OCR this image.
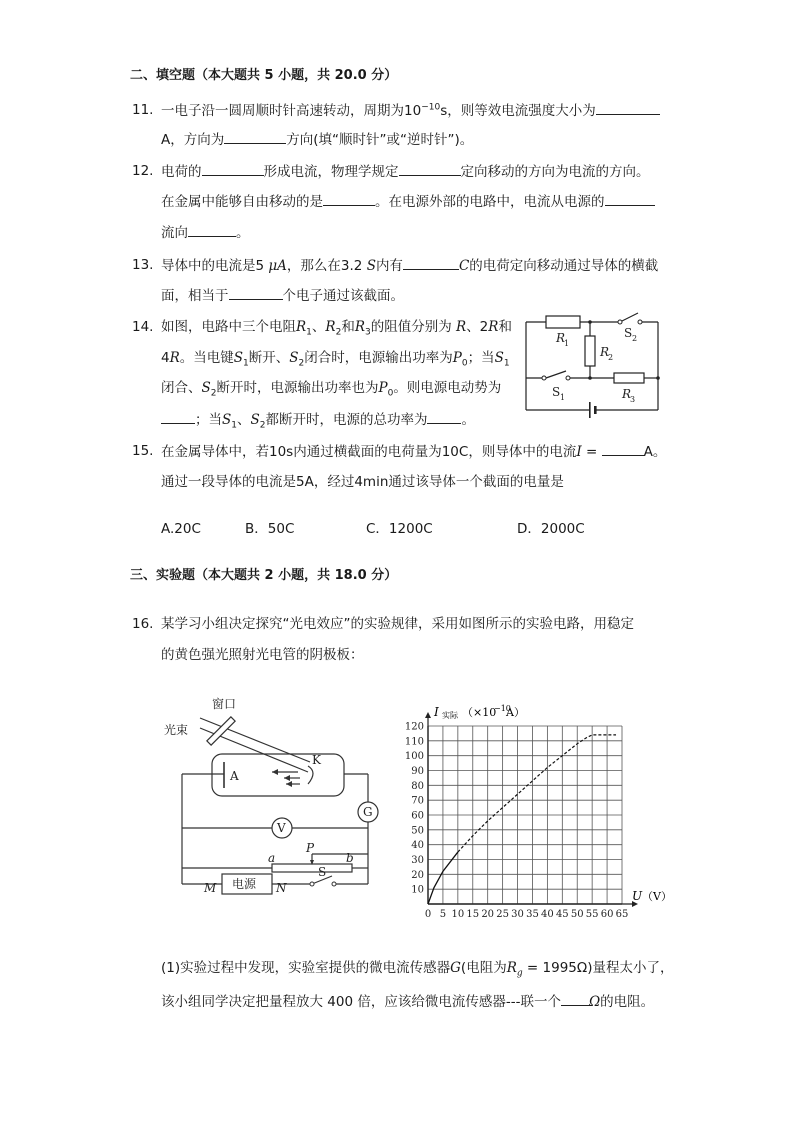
二、填空题（本大题共 5 小题，共 20.0 分）
11. 一电子沿一圆周顺时针高速转动，周期为$10^{-10}s$，则等效电流强度大小为
A，方向为	方向(填“顺时针”或“逆时针”)。
12. 电荷的	形成电流，物理学规定	定向移动的方向为电流的方向。
在金属中能够自由移动的是	。在电源外部的电路中，电流从电源的
流向	。
13. 导体中的电流是5 μA，那么在3.2 S内有	C的电荷定向移动通过导体的横截
面，相当于	个电子通过该截面。
14. 如图，电路中三个电阻$R_1$、$R_2$和$R_3$的阻值分别为 R、2R和
4R。当电键$S_1$断开、$S_2$闭合时，电源输出功率为$P_0$；当$S_1$
闭合、$S_2$断开时，电源输出功率也为$P_0$。则电源电动势为
；当$S_1$、$S_2$都断开时，电源的总功率为	。
R
1
R
2
R
3
S 1
S 2
15. 在金属导体中，若10s内通过横截面的电荷量为10C，则导体中的电流I =	A。
通过一段导体的电流是5A，经过4min通过该导体一个截面的电量是
A.20C	B．50C	C．1200C	D．2000C
三、实验题（本大题共 2 小题，共 18.0 分）
16. 某学习小组决定探究“光电效应”的实验规律，采用如图所示的实验电路，用稳定
的黄色强光照射光电管的阴极板：
窗口
光束
A
K
G
V
a	b
P
S
M	N
电源
0 5 10 15 20 25 30 35 40 45 50 55 60 65
10
20
30
40
50
60
70
80
90
100
110
120
I 实际 （×10
−10
A）
U （V）
(1)实验过程中发现，实验室提供的微电流传感器G(电阻为$R_g = 1995\Omega$)量程太小了，
该小组同学决定把量程放大 400 倍，应该给微电流传感器---联一个 Ω的电阻。
